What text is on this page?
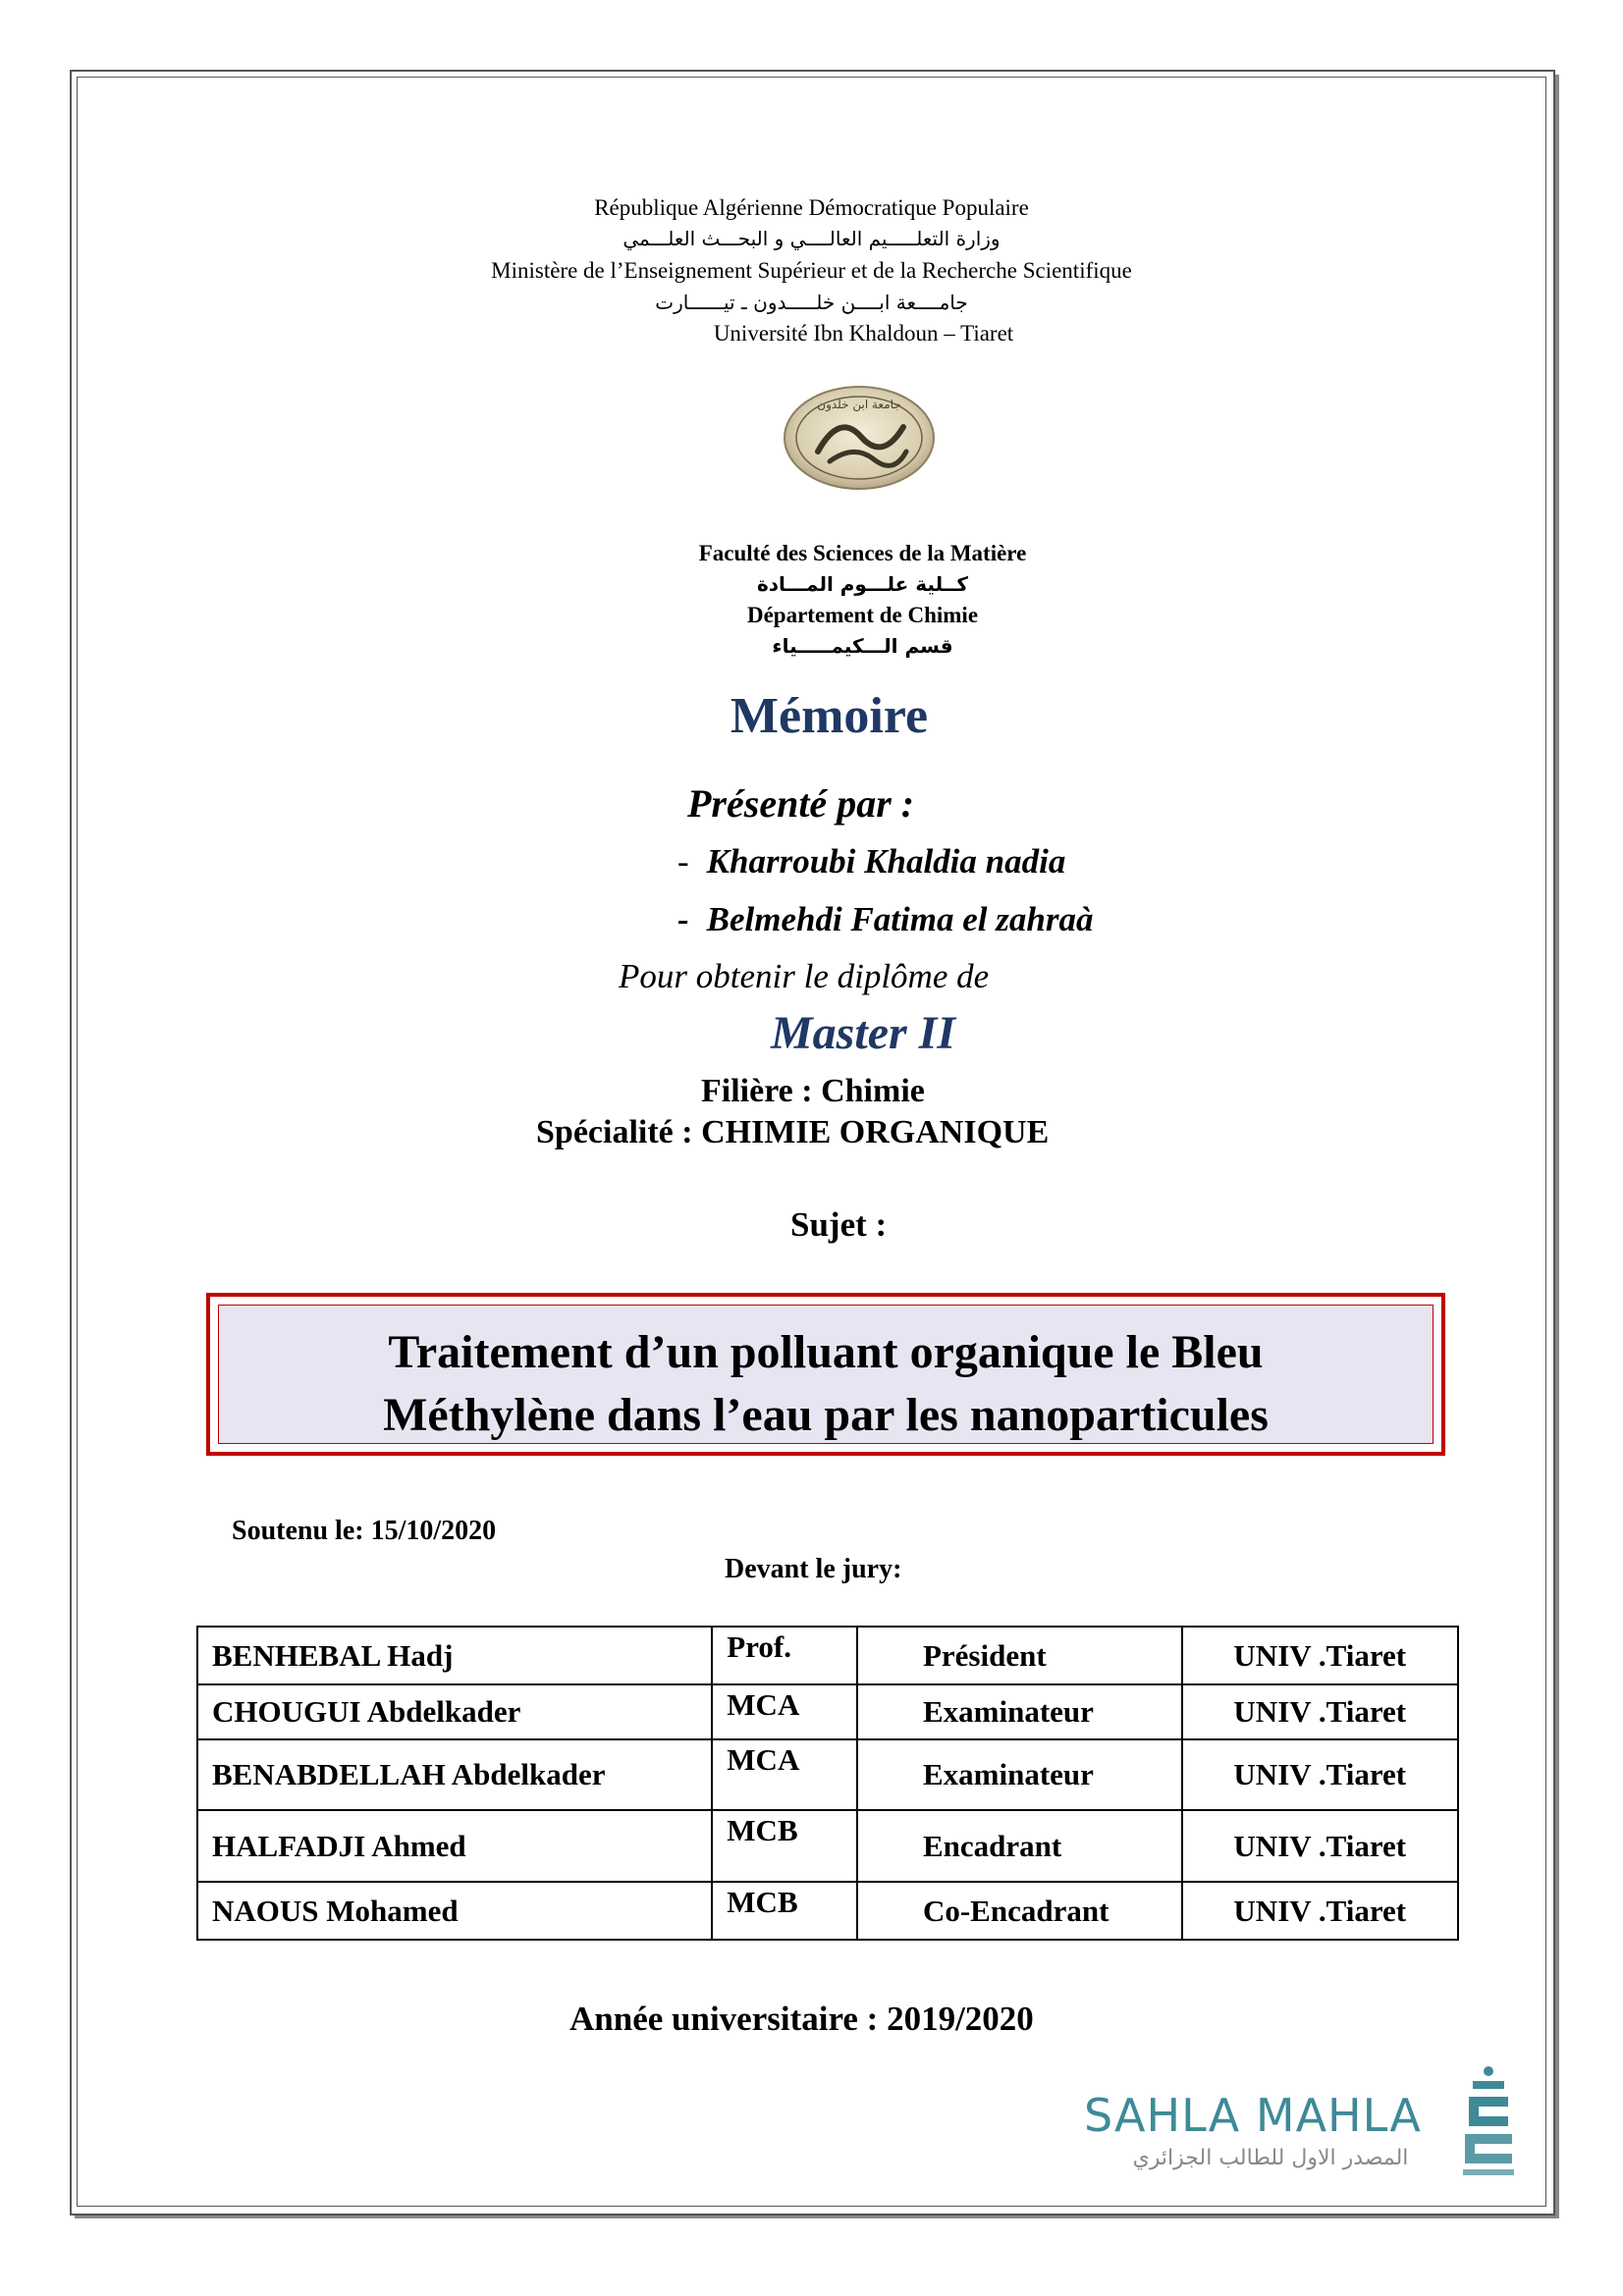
République Algérienne Démocratique Populaire
وزارة التعلـــــيم العالــــي و البحـــث العلـــمي
Ministère de l’Enseignement Supérieur et de la Recherche Scientifique
جامــــعة ابــــن خلـــــدون ـ تيــــــارت
Université Ibn Khaldoun – Tiaret
جامعة ابن خلدون
Faculté des Sciences de la Matière
كــلية علـــوم المـــادة
Département de Chimie
قسم الـــكيمـــــياء
Mémoire
Présenté par :
- Kharroubi Khaldia nadia
- Belmehdi Fatima el zahraà
Pour obtenir le diplôme de
Master II
Filière : Chimie
Spécialité : CHIMIE ORGANIQUE
Sujet :
Traitement d’un polluant organique le Bleu
Méthylène dans l’eau par les nanoparticules
Soutenu le: 15/10/2020
Devant le jury:
BENHEBAL Hadj	Prof.	Président	UNIV .Tiaret
CHOUGUI Abdelkader	MCA	Examinateur	UNIV .Tiaret
BENABDELLAH Abdelkader	MCA	Examinateur	UNIV .Tiaret
HALFADJI Ahmed	MCB	Encadrant	UNIV .Tiaret
NAOUS Mohamed	MCB	Co-Encadrant	UNIV .Tiaret
Année universitaire : 2019/2020
SAHLA MAHLA
المصدر الاول للطالب الجزائري
